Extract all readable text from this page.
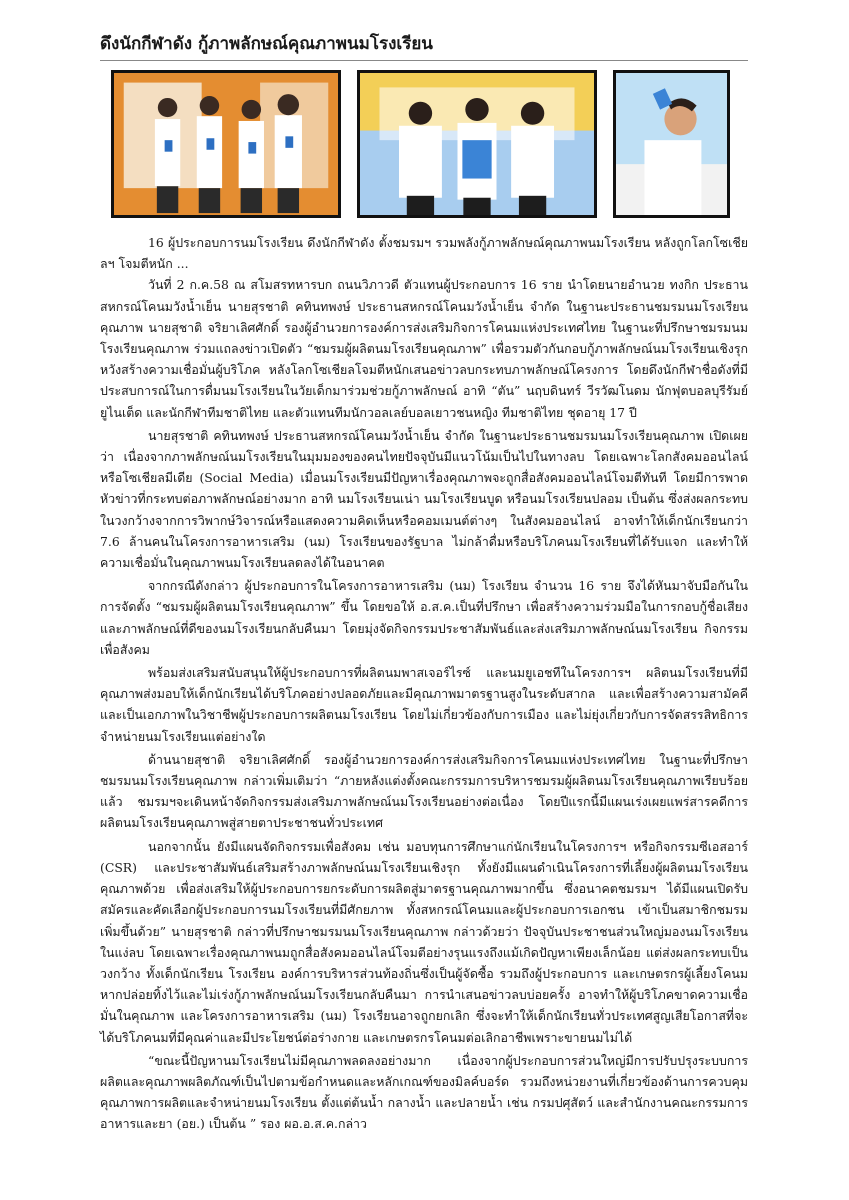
ดึงนักกีฬาดัง กู้ภาพลักษณ์คุณภาพนมโรงเรียน

16 ผู้ประกอบการนมโรงเรียน ดึงนักกีฬาดัง ตั้งชมรมฯ รวมพลังกู้ภาพลักษณ์คุณภาพนมโรงเรียน หลังถูกโลกโซเชียลฯ โจมตีหนัก ...

วันที่ 2 ก.ค.58 ณ สโมสรทหารบก ถนนวิภาวดี ตัวแทนผู้ประกอบการ 16 ราย นำโดยนายอำนวย ทงกิก ประธานสหกรณ์โคนมวังน้ำเย็น นายสุรชาติ คทินทพงษ์ ประธานสหกรณ์โคนมวังน้ำเย็น จำกัด ในฐานะประธานชมรมนมโรงเรียนคุณภาพ นายสุชาติ จริยาเลิศศักดิ์ รองผู้อำนวยการองค์การส่งเสริมกิจการโคนมแห่งประเทศไทย ในฐานะที่ปรึกษาชมรมนมโรงเรียนคุณภาพ ร่วมแถลงข่าวเปิดตัว “ชมรมผู้ผลิตนมโรงเรียนคุณภาพ” เพื่อรวมตัวกันกอบกู้ภาพลักษณ์นมโรงเรียนเชิงรุก หวังสร้างความเชื่อมั่นผู้บริโภค หลังโลกโซเชียลโจมตีหนักเสนอข่าวลบกระทบภาพลักษณ์โครงการ โดยดึงนักกีฬาชื่อดังที่มีประสบการณ์ในการดื่มนมโรงเรียนในวัยเด็กมาร่วมช่วยกู้ภาพลักษณ์ อาทิ “ตัน” นฤบดินทร์ วีรวัฒโนดม นักฟุตบอลบุรีรัมย์ ยูไนเต็ด และนักกีฬาทีมชาติไทย และตัวแทนทีมนักวอลเลย์บอลเยาวชนหญิง ทีมชาติไทย ชุดอายุ 17 ปี

นายสุรชาติ คทินทพงษ์ ประธานสหกรณ์โคนมวังน้ำเย็น จำกัด ในฐานะประธานชมรมนมโรงเรียนคุณภาพ เปิดเผยว่า เนื่องจากภาพลักษณ์นมโรงเรียนในมุมมองของคนไทยปัจจุบันมีแนวโน้มเป็นไปในทางลบ โดยเฉพาะโลกสังคมออนไลน์หรือโซเชียลมีเดีย (Social Media) เมื่อนมโรงเรียนมีปัญหาเรื่องคุณภาพจะถูกสื่อสังคมออนไลน์โจมตีทันที โดยมีการพาดหัวข่าวที่กระทบต่อภาพลักษณ์อย่างมาก อาทิ นมโรงเรียนเน่า นมโรงเรียนบูด หรือนมโรงเรียนปลอม เป็นต้น ซึ่งส่งผลกระทบในวงกว้างจากการวิพากษ์วิจารณ์หรือแสดงความคิดเห็นหรือคอมเมนต์ต่างๆ ในสังคมออนไลน์ อาจทำให้เด็กนักเรียนกว่า 7.6 ล้านคนในโครงการอาหารเสริม (นม) โรงเรียนของรัฐบาล ไม่กล้าดื่มหรือบริโภคนมโรงเรียนที่ได้รับแจก และทำให้ความเชื่อมั่นในคุณภาพนมโรงเรียนลดลงได้ในอนาคต

จากกรณีดังกล่าว ผู้ประกอบการในโครงการอาหารเสริม (นม) โรงเรียน จำนวน 16 ราย จึงได้หันมาจับมือกันในการจัดตั้ง “ชมรมผู้ผลิตนมโรงเรียนคุณภาพ” ขึ้น โดยขอให้ อ.ส.ค.เป็นที่ปรึกษา เพื่อสร้างความร่วมมือในการกอบกู้ชื่อเสียงและภาพลักษณ์ที่ดีของนมโรงเรียนกลับคืนมา โดยมุ่งจัดกิจกรรมประชาสัมพันธ์และส่งเสริมภาพลักษณ์นมโรงเรียน กิจกรรมเพื่อสังคม

พร้อมส่งเสริมสนับสนุนให้ผู้ประกอบการที่ผลิตนมพาสเจอร์ไรซ์ และนมยูเอชทีในโครงการฯ ผลิตนมโรงเรียนที่มีคุณภาพส่งมอบให้เด็กนักเรียนได้บริโภคอย่างปลอดภัยและมีคุณภาพมาตรฐานสูงในระดับสากล และเพื่อสร้างความสามัคคีและเป็นเอกภาพในวิชาชีพผู้ประกอบการผลิตนมโรงเรียน โดยไม่เกี่ยวข้องกับการเมือง และไม่ยุ่งเกี่ยวกับการจัดสรรสิทธิการจำหน่ายนมโรงเรียนแต่อย่างใด

ด้านนายสุชาติ จริยาเลิศศักดิ์ รองผู้อำนวยการองค์การส่งเสริมกิจการโคนมแห่งประเทศไทย ในฐานะที่ปรึกษาชมรมนมโรงเรียนคุณภาพ กล่าวเพิ่มเติมว่า “ภายหลังแต่งตั้งคณะกรรมการบริหารชมรมผู้ผลิตนมโรงเรียนคุณภาพเรียบร้อยแล้ว ชมรมฯจะเดินหน้าจัดกิจกรรมส่งเสริมภาพลักษณ์นมโรงเรียนอย่างต่อเนื่อง โดยปีแรกนี้มีแผนเร่งเผยแพร่สารคดีการผลิตนมโรงเรียนคุณภาพสู่สายตาประชาชนทั่วประเทศ

นอกจากนั้น ยังมีแผนจัดกิจกรรมเพื่อสังคม เช่น มอบทุนการศึกษาแก่นักเรียนในโครงการฯ หรือกิจกรรมซีเอสอาร์ (CSR) และประชาสัมพันธ์เสริมสร้างภาพลักษณ์นมโรงเรียนเชิงรุก ทั้งยังมีแผนดำเนินโครงการที่เลี้ยงผู้ผลิตนมโรงเรียนคุณภาพด้วย เพื่อส่งเสริมให้ผู้ประกอบการยกระดับการผลิตสู่มาตรฐานคุณภาพมากขึ้น ซึ่งอนาคตชมรมฯ ได้มีแผนเปิดรับสมัครและคัดเลือกผู้ประกอบการนมโรงเรียนที่มีศักยภาพ ทั้งสหกรณ์โคนมและผู้ประกอบการเอกชน เข้าเป็นสมาชิกชมรมเพิ่มขึ้นด้วย” นายสุรชาติ กล่าวที่ปรึกษาชมรมนมโรงเรียนคุณภาพ กล่าวด้วยว่า ปัจจุบันประชาชนส่วนใหญ่มองนมโรงเรียนในแง่ลบ โดยเฉพาะเรื่องคุณภาพนมถูกสื่อสังคมออนไลน์โจมตีอย่างรุนแรงถึงแม้เกิดปัญหาเพียงเล็กน้อย แต่ส่งผลกระทบเป็นวงกว้าง ทั้งเด็กนักเรียน โรงเรียน องค์การบริหารส่วนท้องถิ่นซึ่งเป็นผู้จัดซื้อ รวมถึงผู้ประกอบการ และเกษตรกรผู้เลี้ยงโคนม หากปล่อยทิ้งไว้และไม่เร่งกู้ภาพลักษณ์นมโรงเรียนกลับคืนมา การนำเสนอข่าวลบบ่อยครั้ง อาจทำให้ผู้บริโภคขาดความเชื่อมั่นในคุณภาพ และโครงการอาหารเสริม (นม) โรงเรียนอาจถูกยกเลิก ซึ่งจะทำให้เด็กนักเรียนทั่วประเทศสูญเสียโอกาสที่จะได้บริโภคนมที่มีคุณค่าและมีประโยชน์ต่อร่างกาย และเกษตรกรโคนมต่อเลิกอาชีพเพราะขายนมไม่ได้

“ขณะนี้ปัญหานมโรงเรียนไม่มีคุณภาพลดลงอย่างมาก เนื่องจากผู้ประกอบการส่วนใหญ่มีการปรับปรุงระบบการผลิตและคุณภาพผลิตภัณฑ์เป็นไปตามข้อกำหนดและหลักเกณฑ์ของมิลค์บอร์ด รวมถึงหน่วยงานที่เกี่ยวข้องด้านการควบคุมคุณภาพการผลิตและจำหน่ายนมโรงเรียน ตั้งแต่ต้นน้ำ กลางน้ำ และปลายน้ำ เช่น กรมปศุสัตว์ และสำนักงานคณะกรรมการอาหารและยา (อย.) เป็นต้น ” รอง ผอ.อ.ส.ค.กล่าว
